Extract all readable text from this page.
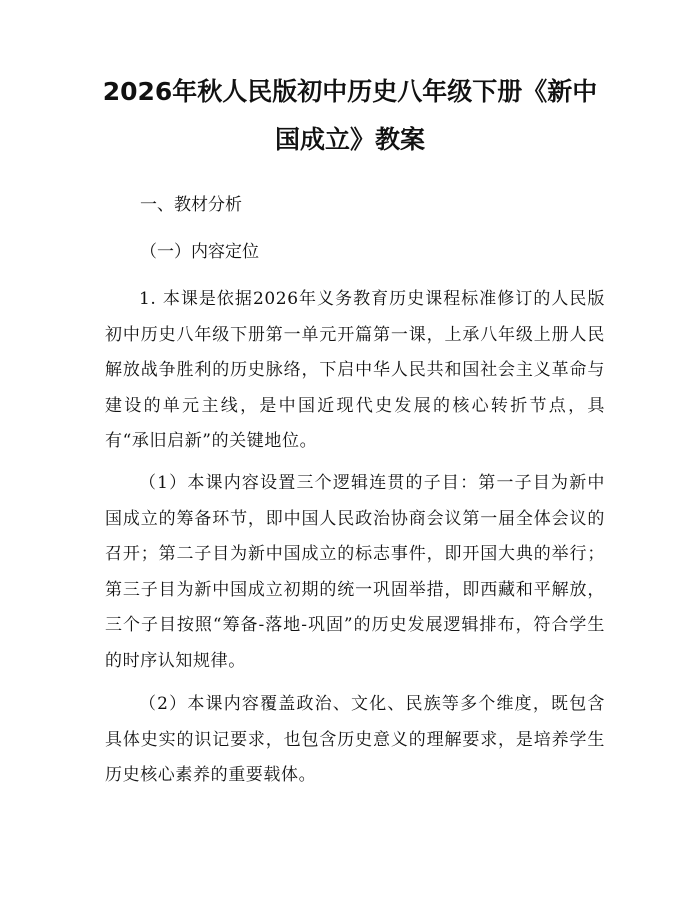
2026年秋人民版初中历史八年级下册《新中
国成立》教案

一、教材分析

（一）内容定位

1. 本课是依据2026年义务教育历史课程标准修订的人民版初中历史八年级下册第一单元开篇第一课，上承八年级上册人民解放战争胜利的历史脉络，下启中华人民共和国社会主义革命与建设的单元主线，是中国近现代史发展的核心转折节点，具有“承旧启新”的关键地位。

（1）本课内容设置三个逻辑连贯的子目：第一子目为新中国成立的筹备环节，即中国人民政治协商会议第一届全体会议的召开；第二子目为新中国成立的标志事件，即开国大典的举行；第三子目为新中国成立初期的统一巩固举措，即西藏和平解放，三个子目按照“筹备-落地-巩固”的历史发展逻辑排布，符合学生的时序认知规律。

（2）本课内容覆盖政治、文化、民族等多个维度，既包含具体史实的识记要求，也包含历史意义的理解要求，是培养学生历史核心素养的重要载体。
